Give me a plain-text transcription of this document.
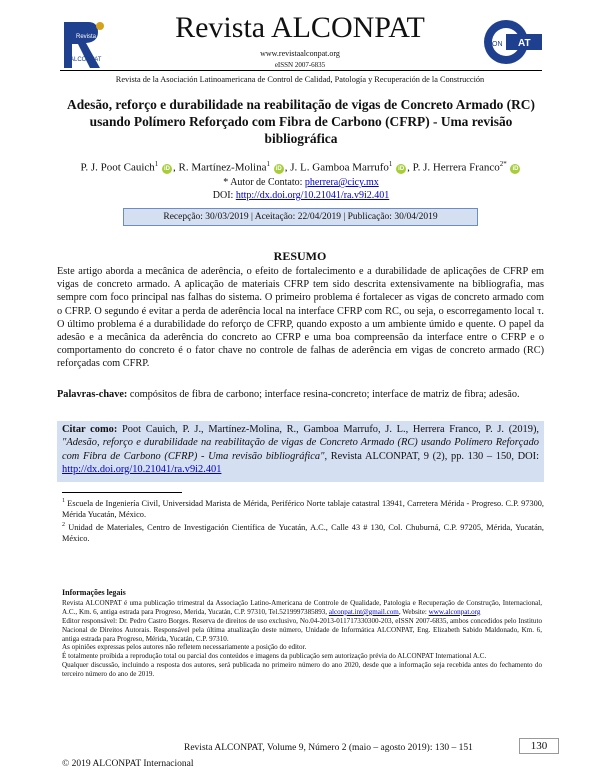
Revista
ALCONPAT
AT
ON
Revista ALCONPAT
www.revistaalconpat.org
eISSN 2007-6835
Revista de la Asociación Latinoamericana de Control de Calidad, Patología y Recuperación de la Construcción
Adesão, reforço e durabilidade na reabilitação de vigas de Concreto Armado (RC) usando Polímero Reforçado com Fibra de Carbono (CFRP) - Uma revisão bibliográfica
P. J. Poot Cauich$^1$ iD , R. Martínez-Molina$^1$ iD , J. L. Gamboa Marrufo$^1$ iD , P. J. Herrera Franco$^{2*}$ iD
* Autor de Contato: pherrera@cicy.mx
DOI: http://dx.doi.org/10.21041/ra.v9i2.401
Recepção: 30/03/2019 | Aceitação: 22/04/2019 | Publicação: 30/04/2019
RESUMO
Este artigo aborda a mecânica de aderência, o efeito de fortalecimento e a durabilidade de aplicações de CFRP em vigas de concreto armado. A aplicação de materiais CFRP tem sido descrita extensivamente na bibliografia, mas sempre com foco principal nas falhas do sistema. O primeiro problema é fortalecer as vigas de concreto armado com o CFRP. O segundo é evitar a perda de aderência local na interface CFRP com RC, ou seja, o escorregamento local τ. O último problema é a durabilidade do reforço de CFRP, quando exposto a um ambiente úmido e quente. O papel da adesão e a mecânica da aderência do concreto ao CFRP e uma boa compreensão da interface entre o CFRP e o comportamento do concreto é o fator chave no controle de falhas de aderência em vigas de concreto armado (RC) reforçadas com CFRP.
Palavras-chave: compósitos de fibra de carbono; interface resina-concreto; interface de matriz de fibra; adesão.
Citar como: Poot Cauich, P. J., Martínez-Molina, R., Gamboa Marrufo, J. L., Herrera Franco, P. J. (2019), "Adesão, reforço e durabilidade na reabilitação de vigas de Concreto Armado (RC) usando Polímero Reforçado com Fibra de Carbono (CFRP) - Uma revisão bibliográfica", Revista ALCONPAT, 9 (2), pp. 130 – 150, DOI: http://dx.doi.org/10.21041/ra.v9i2.401
$^1$ Escuela de Ingeniería Civil, Universidad Marista de Mérida, Periférico Norte tablaje catastral 13941, Carretera Mérida - Progreso. C.P. 97300, Mérida Yucatán, México.
$^2$ Unidad de Materiales, Centro de Investigación Científica de Yucatán, A.C., Calle 43 # 130, Col. Chuburná, C.P. 97205, Mérida, Yucatán, México.
Informações legais

Revista ALCONPAT é uma publicação trimestral da Associação Latino-Americana de Controle de Qualidade, Patologia e Recuperação de Construção, Internacional, A.C., Km. 6, antiga estrada para Progreso, Merida, Yucatán, C.P. 97310, Tel.5219997385893, alconpat.int@gmail.com, Website: www.alconpat.org

Editor responsável: Dr. Pedro Castro Borges. Reserva de direitos de uso exclusivo, No.04-2013-011717330300-203, eISSN 2007-6835, ambos concedidos pelo Instituto Nacional de Direitos Autorais. Responsável pela última atualização deste número, Unidade de Informática ALCONPAT, Eng. Elizabeth Sabido Maldonado, Km. 6, antiga estrada para Progreso, Mérida, Yucatán, C.P. 97310.

As opiniões expressas pelos autores não refletem necessariamente a posição do editor.

É totalmente proibida a reprodução total ou parcial dos conteúdos e imagens da publicação sem autorização prévia do ALCONPAT International A.C.

Qualquer discussão, incluindo a resposta dos autores, será publicada no primeiro número do ano 2020, desde que a informação seja recebida antes do fechamento do terceiro número do ano de 2019.

Revista ALCONPAT, Volume 9, Número 2 (maio – agosto 2019): 130 – 151	130
© 2019 ALCONPAT Internacional
